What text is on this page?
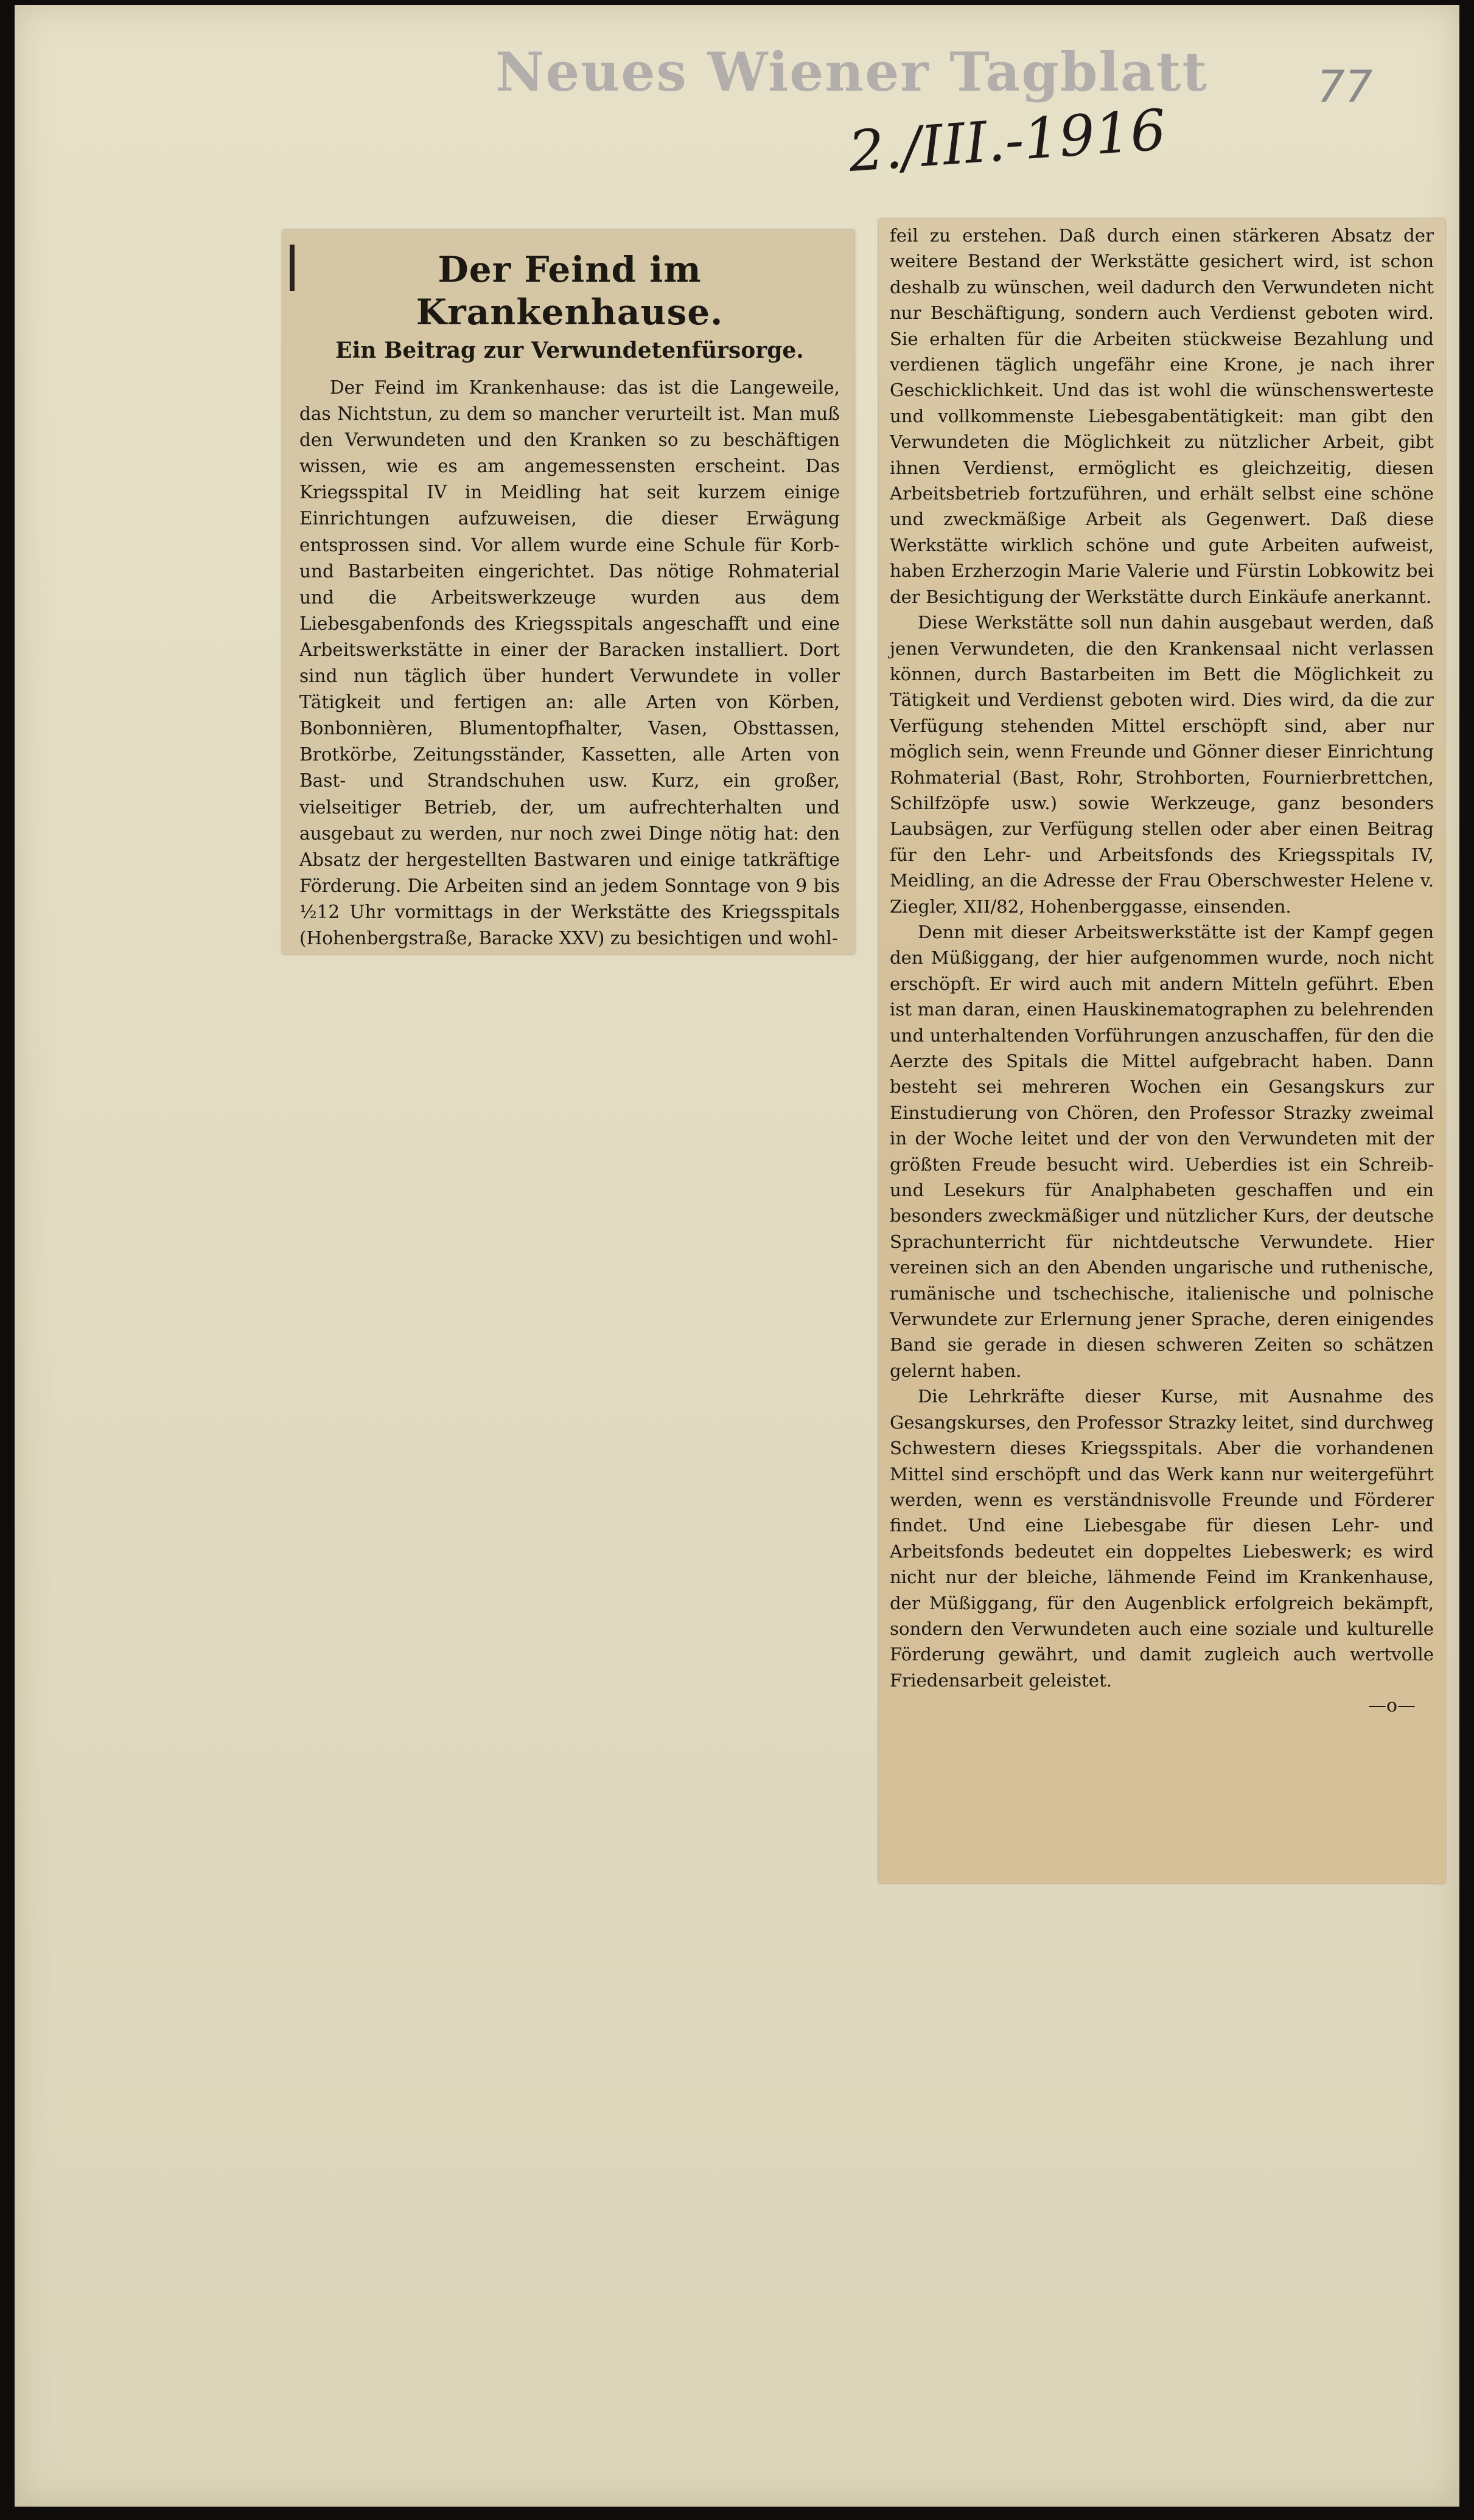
Neues Wiener Tagblatt 77
2./III.-1916
Der Feind im Krankenhause.
Ein Beitrag zur Verwundetenfürsorge.

Der Feind im Krankenhause: das ist die Langeweile, das Nichtstun, zu dem so mancher verurteilt ist. Man muß den Verwundeten und den Kranken so zu beschäftigen wissen, wie es am angemessensten erscheint. Das Kriegsspital IV in Meidling hat seit kurzem einige Einrichtungen aufzuweisen, die dieser Erwägung entsprossen sind. Vor allem wurde eine Schule für Korb- und Bastarbeiten eingerichtet. Das nötige Rohmaterial und die Arbeitswerkzeuge wurden aus dem Liebesgabenfonds des Kriegsspitals angeschafft und eine Arbeitswerkstätte in einer der Baracken installiert. Dort sind nun täglich über hundert Verwundete in voller Tätigkeit und fertigen an: alle Arten von Körben, Bonbonnièren, Blumentopfhalter, Vasen, Obsttassen, Brotkörbe, Zeitungsständer, Kassetten, alle Arten von Bast- und Strandschuhen usw. Kurz, ein großer, vielseitiger Betrieb, der, um aufrechterhalten und ausgebaut zu werden, nur noch zwei Dinge nötig hat: den Absatz der hergestellten Bastwaren und einige tatkräftige Förderung. Die Arbeiten sind an jedem Sonntage von 9 bis ½12 Uhr vormittags in der Werkstätte des Kriegsspitals (Hohenbergstraße, Baracke XXV) zu besichtigen und wohl-

feil zu erstehen. Daß durch einen stärkeren Absatz der weitere Bestand der Werkstätte gesichert wird, ist schon deshalb zu wünschen, weil dadurch den Verwundeten nicht nur Beschäftigung, sondern auch Verdienst geboten wird. Sie erhalten für die Arbeiten stückweise Bezahlung und verdienen täglich ungefähr eine Krone, je nach ihrer Geschicklichkeit. Und das ist wohl die wünschenswerteste und vollkommenste Liebesgabentätigkeit: man gibt den Verwundeten die Möglichkeit zu nützlicher Arbeit, gibt ihnen Verdienst, ermöglicht es gleichzeitig, diesen Arbeitsbetrieb fortzuführen, und erhält selbst eine schöne und zweckmäßige Arbeit als Gegenwert. Daß diese Werkstätte wirklich schöne und gute Arbeiten aufweist, haben Erzherzogin Marie Valerie und Fürstin Lobkowitz bei der Besichtigung der Werkstätte durch Einkäufe anerkannt.

Diese Werkstätte soll nun dahin ausgebaut werden, daß jenen Verwundeten, die den Krankensaal nicht verlassen können, durch Bastarbeiten im Bett die Möglichkeit zu Tätigkeit und Verdienst geboten wird. Dies wird, da die zur Verfügung stehenden Mittel erschöpft sind, aber nur möglich sein, wenn Freunde und Gönner dieser Einrichtung Rohmaterial (Bast, Rohr, Strohborten, Fournierbrettchen, Schilfzöpfe usw.) sowie Werkzeuge, ganz besonders Laubsägen, zur Verfügung stellen oder aber einen Beitrag für den Lehr- und Arbeitsfonds des Kriegsspitals IV, Meidling, an die Adresse der Frau Oberschwester Helene v. Ziegler, XII/82, Hohenberggasse, einsenden.

Denn mit dieser Arbeitswerkstätte ist der Kampf gegen den Müßiggang, der hier aufgenommen wurde, noch nicht erschöpft. Er wird auch mit andern Mitteln geführt. Eben ist man daran, einen Hauskinematographen zu belehrenden und unterhaltenden Vorführungen anzuschaffen, für den die Aerzte des Spitals die Mittel aufgebracht haben. Dann besteht sei mehreren Wochen ein Gesangskurs zur Einstudierung von Chören, den Professor Strazky zweimal in der Woche leitet und der von den Verwundeten mit der größten Freude besucht wird. Ueberdies ist ein Schreib- und Lesekurs für Analphabeten geschaffen und ein besonders zweckmäßiger und nützlicher Kurs, der deutsche Sprachunterricht für nichtdeutsche Verwundete. Hier vereinen sich an den Abenden ungarische und ruthenische, rumänische und tschechische, italienische und polnische Verwundete zur Erlernung jener Sprache, deren einigendes Band sie gerade in diesen schweren Zeiten so schätzen gelernt haben.

Die Lehrkräfte dieser Kurse, mit Ausnahme des Gesangskurses, den Professor Strazky leitet, sind durchweg Schwestern dieses Kriegsspitals. Aber die vorhandenen Mittel sind erschöpft und das Werk kann nur weitergeführt werden, wenn es verständnisvolle Freunde und Förderer findet. Und eine Liebesgabe für diesen Lehr- und Arbeitsfonds bedeutet ein doppeltes Liebeswerk; es wird nicht nur der bleiche, lähmende Feind im Krankenhause, der Müßiggang, für den Augenblick erfolgreich bekämpft, sondern den Verwundeten auch eine soziale und kulturelle Förderung gewährt, und damit zugleich auch wertvolle Friedensarbeit geleistet.

—o—
